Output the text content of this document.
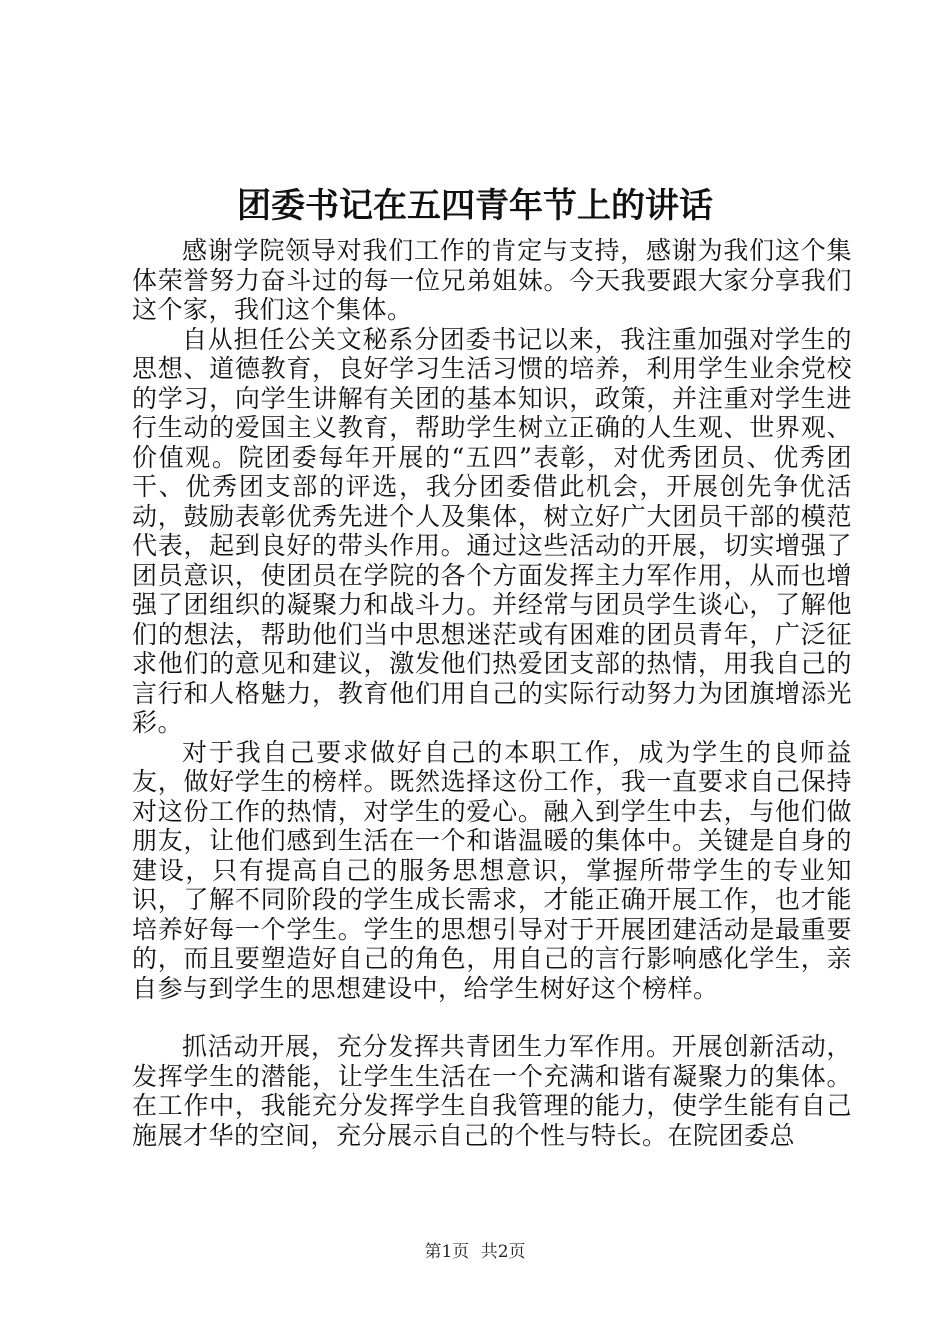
团委书记在五四青年节上的讲话

感谢学院领导对我们工作的肯定与支持，感谢为我们这个集体荣誉努力奋斗过的每一位兄弟姐妹。今天我要跟大家分享我们这个家，我们这个集体。

自从担任公关文秘系分团委书记以来，我注重加强对学生的思想、道德教育，良好学习生活习惯的培养，利用学生业余党校的学习，向学生讲解有关团的基本知识，政策，并注重对学生进行生动的爱国主义教育，帮助学生树立正确的人生观、世界观、价值观。院团委每年开展的“五四”表彰，对优秀团员、优秀团干、优秀团支部的评选，我分团委借此机会，开展创先争优活动，鼓励表彰优秀先进个人及集体，树立好广大团员干部的模范代表，起到良好的带头作用。通过这些活动的开展，切实增强了团员意识，使团员在学院的各个方面发挥主力军作用，从而也增强了团组织的凝聚力和战斗力。并经常与团员学生谈心，了解他们的想法，帮助他们当中思想迷茫或有困难的团员青年，广泛征求他们的意见和建议，激发他们热爱团支部的热情，用我自己的言行和人格魅力，教育他们用自己的实际行动努力为团旗增添光彩。

对于我自己要求做好自己的本职工作，成为学生的良师益友，做好学生的榜样。既然选择这份工作，我一直要求自己保持对这份工作的热情，对学生的爱心。融入到学生中去，与他们做朋友，让他们感到生活在一个和谐温暖的集体中。关键是自身的建设，只有提高自己的服务思想意识，掌握所带学生的专业知识，了解不同阶段的学生成长需求，才能正确开展工作，也才能培养好每一个学生。学生的思想引导对于开展团建活动是最重要的，而且要塑造好自己的角色，用自己的言行影响感化学生，亲自参与到学生的思想建设中，给学生树好这个榜样。

抓活动开展，充分发挥共青团生力军作用。开展创新活动，发挥学生的潜能，让学生生活在一个充满和谐有凝聚力的集体。在工作中，我能充分发挥学生自我管理的能力，使学生能有自己施展才华的空间，充分展示自己的个性与特长。在院团委总

第1页 共2页
